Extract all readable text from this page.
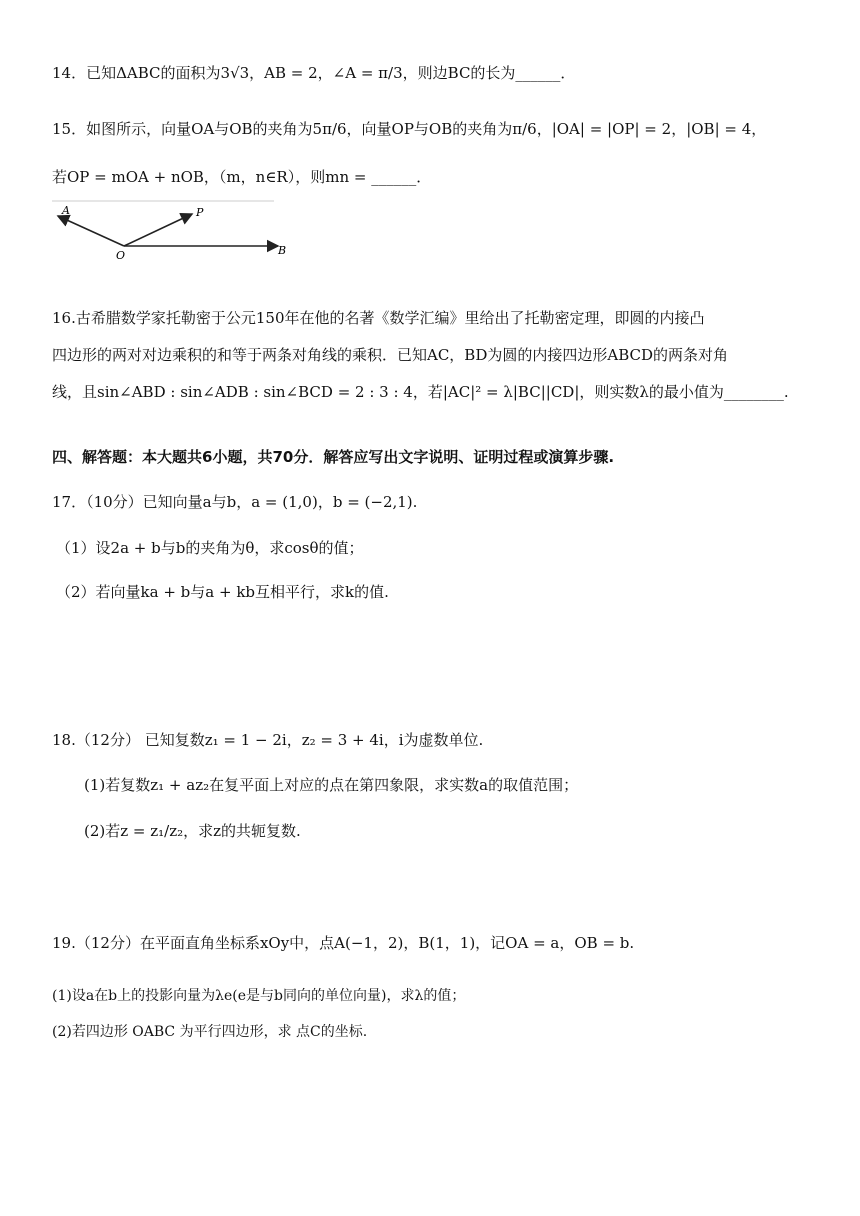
14．已知ΔABC的面积为3√3，AB = 2，∠A = π/3，则边BC的长为______．
15．如图所示，向量OA与OB的夹角为5π/6，向量OP与OB的夹角为π/6，|OA| = |OP| = 2，|OB| = 4，
若OP = mOA + nOB，（m，n∈R），则mn = ______．
A	P
O	B
16.古希腊数学家托勒密于公元150年在他的名著《数学汇编》里给出了托勒密定理，即圆的内接凸
四边形的两对对边乘积的和等于两条对角线的乘积．已知AC，BD为圆的内接四边形ABCD的两条对角
线，且sin∠ABD : sin∠ADB : sin∠BCD = 2 : 3 : 4，若|AC|² = λ|BC||CD|，则实数λ的最小值为________.
四、解答题：本大题共6小题，共70分．解答应写出文字说明、证明过程或演算步骤.
17．（10分）已知向量a与b，a = (1,0)，b = (−2,1).
（1）设2a + b与b的夹角为θ，求cosθ的值；
（2）若向量ka + b与a + kb互相平行，求k的值.
18.（12分） 已知复数z₁ = 1 − 2i，z₂ = 3 + 4i，i为虚数单位.
(1)若复数z₁ + az₂在复平面上对应的点在第四象限，求实数a的取值范围；
(2)若z = z₁/z₂，求z的共轭复数.
19.（12分）在平面直角坐标系xOy中，点A(−1，2)，B(1，1)，记OA = a，OB = b.
(1)设a在b上的投影向量为λe(e是与b同向的单位向量)，求λ的值；
(2)若四边形 OABC 为平行四边形，求 点C的坐标.
